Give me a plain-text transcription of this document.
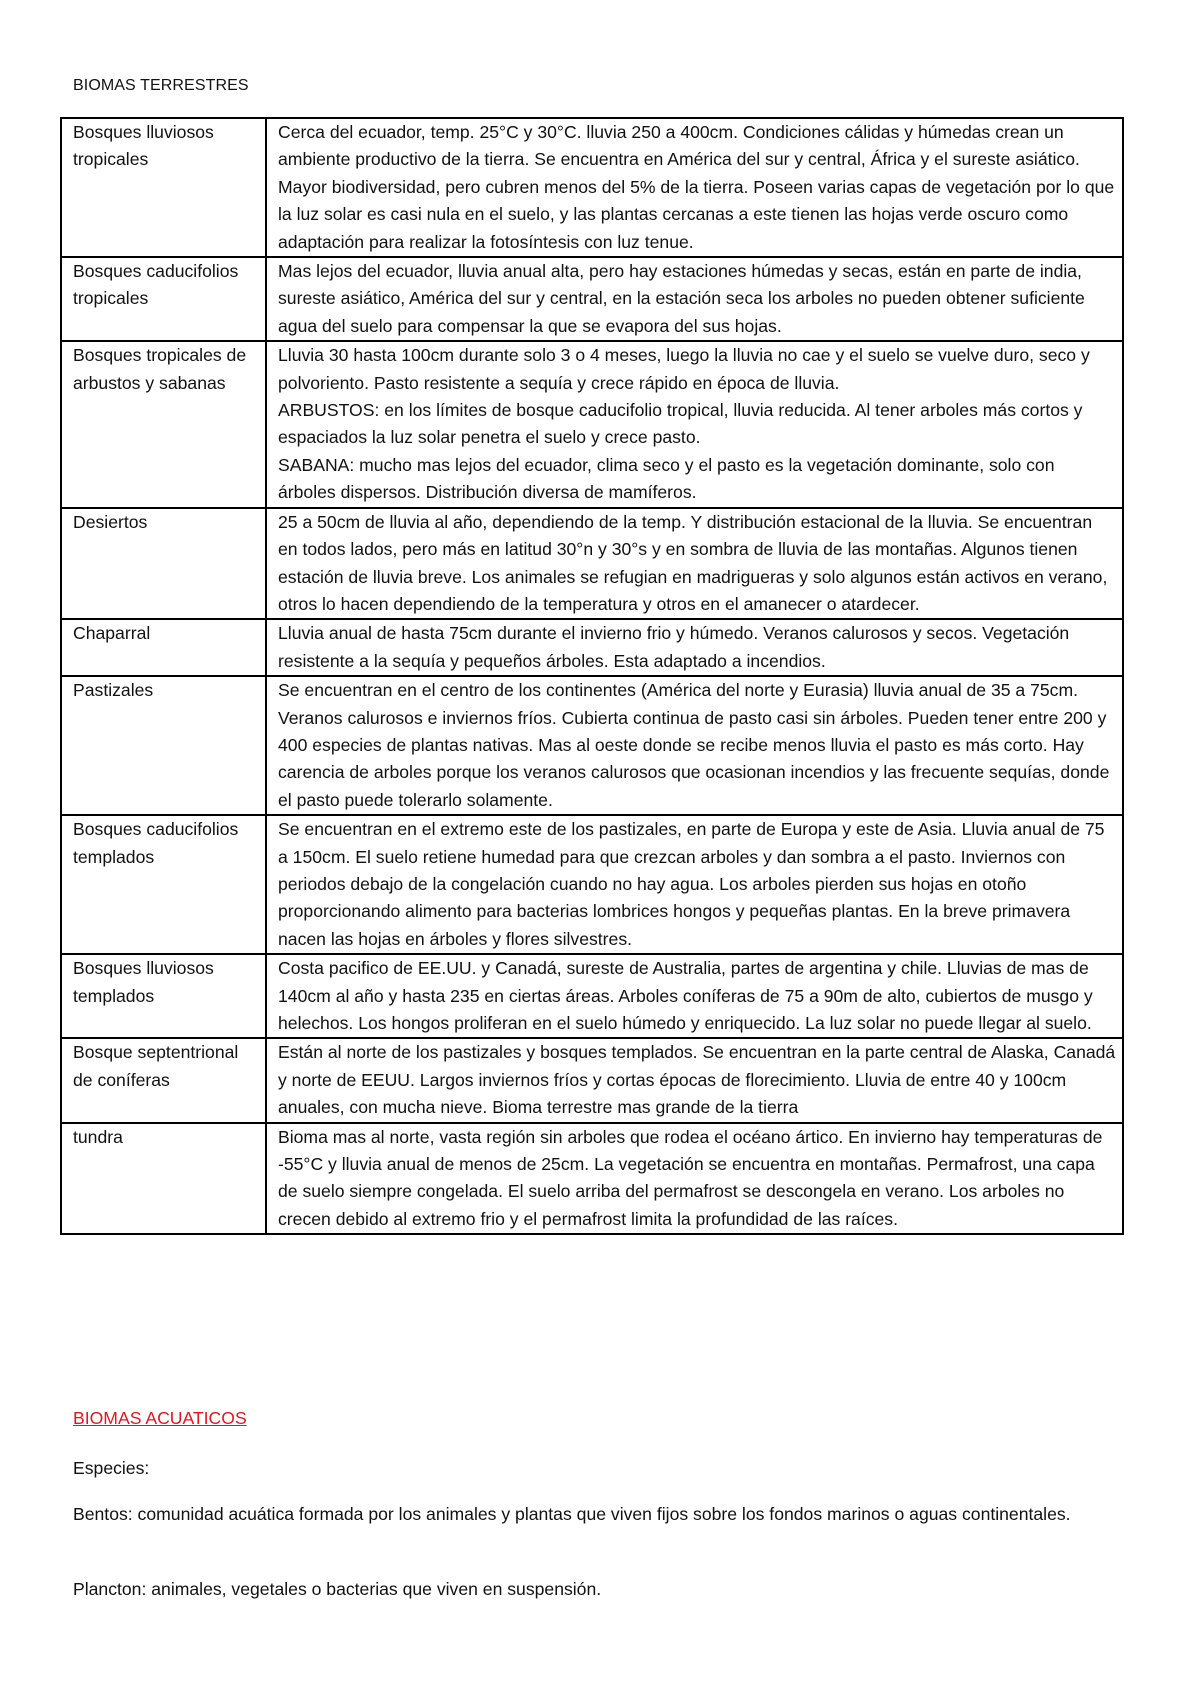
BIOMAS TERRESTRES
Bosques lluviosos tropicales	Cerca del ecuador, temp. 25°C y 30°C. lluvia 250 a 400cm. Condiciones cálidas y húmedas crean un ambiente productivo de la tierra. Se encuentra en América del sur y central, África y el sureste asiático. Mayor biodiversidad, pero cubren menos del 5% de la tierra. Poseen varias capas de vegetación por lo que la luz solar es casi nula en el suelo, y las plantas cercanas a este tienen las hojas verde oscuro como adaptación para realizar la fotosíntesis con luz tenue.

Bosques caducifolios tropicales	Mas lejos del ecuador, lluvia anual alta, pero hay estaciones húmedas y secas, están en parte de india, sureste asiático, América del sur y central, en la estación seca los arboles no pueden obtener suficiente agua del suelo para compensar la que se evapora del sus hojas.

Bosques tropicales de arbustos y sabanas	Lluvia 30 hasta 100cm durante solo 3 o 4 meses, luego la lluvia no cae y el suelo se vuelve duro, seco y polvoriento. Pasto resistente a sequía y crece rápido en época de lluvia.
ARBUSTOS: en los límites de bosque caducifolio tropical, lluvia reducida. Al tener arboles más cortos y espaciados la luz solar penetra el suelo y crece pasto.
SABANA: mucho mas lejos del ecuador, clima seco y el pasto es la vegetación dominante, solo con árboles dispersos. Distribución diversa de mamíferos.

Desiertos	25 a 50cm de lluvia al año, dependiendo de la temp. Y distribución estacional de la lluvia. Se encuentran en todos lados, pero más en latitud 30°n y 30°s y en sombra de lluvia de las montañas. Algunos tienen estación de lluvia breve. Los animales se refugian en madrigueras y solo algunos están activos en verano, otros lo hacen dependiendo de la temperatura y otros en el amanecer o atardecer.

Chaparral	Lluvia anual de hasta 75cm durante el invierno frio y húmedo. Veranos calurosos y secos. Vegetación resistente a la sequía y pequeños árboles. Esta adaptado a incendios.

Pastizales	Se encuentran en el centro de los continentes (América del norte y Eurasia) lluvia anual de 35 a 75cm. Veranos calurosos e inviernos fríos. Cubierta continua de pasto casi sin árboles. Pueden tener entre 200 y 400 especies de plantas nativas. Mas al oeste donde se recibe menos lluvia el pasto es más corto. Hay carencia de arboles porque los veranos calurosos que ocasionan incendios y las frecuente sequías, donde el pasto puede tolerarlo solamente.

Bosques caducifolios templados	Se encuentran en el extremo este de los pastizales, en parte de Europa y este de Asia. Lluvia anual de 75 a 150cm. El suelo retiene humedad para que crezcan arboles y dan sombra a el pasto. Inviernos con periodos debajo de la congelación cuando no hay agua. Los arboles pierden sus hojas en otoño proporcionando alimento para bacterias lombrices hongos y pequeñas plantas. En la breve primavera nacen las hojas en árboles y flores silvestres.

Bosques lluviosos templados	Costa pacifico de EE.UU. y Canadá, sureste de Australia, partes de argentina y chile. Lluvias de mas de 140cm al año y hasta 235 en ciertas áreas. Arboles coníferas de 75 a 90m de alto, cubiertos de musgo y helechos. Los hongos proliferan en el suelo húmedo y enriquecido. La luz solar no puede llegar al suelo.

Bosque septentrional de coníferas	Están al norte de los pastizales y bosques templados. Se encuentran en la parte central de Alaska, Canadá y norte de EEUU. Largos inviernos fríos y cortas épocas de florecimiento. Lluvia de entre 40 y 100cm anuales, con mucha nieve. Bioma terrestre mas grande de la tierra

tundra	Bioma mas al norte, vasta región sin arboles que rodea el océano ártico. En invierno hay temperaturas de -55°C y lluvia anual de menos de 25cm. La vegetación se encuentra en montañas. Permafrost, una capa de suelo siempre congelada. El suelo arriba del permafrost se descongela en verano. Los arboles no crecen debido al extremo frio y el permafrost limita la profundidad de las raíces.
BIOMAS ACUATICOS
Especies:
Bentos: comunidad acuática formada por los animales y plantas que viven fijos sobre los fondos marinos o aguas continentales.
Plancton: animales, vegetales o bacterias que viven en suspensión.
